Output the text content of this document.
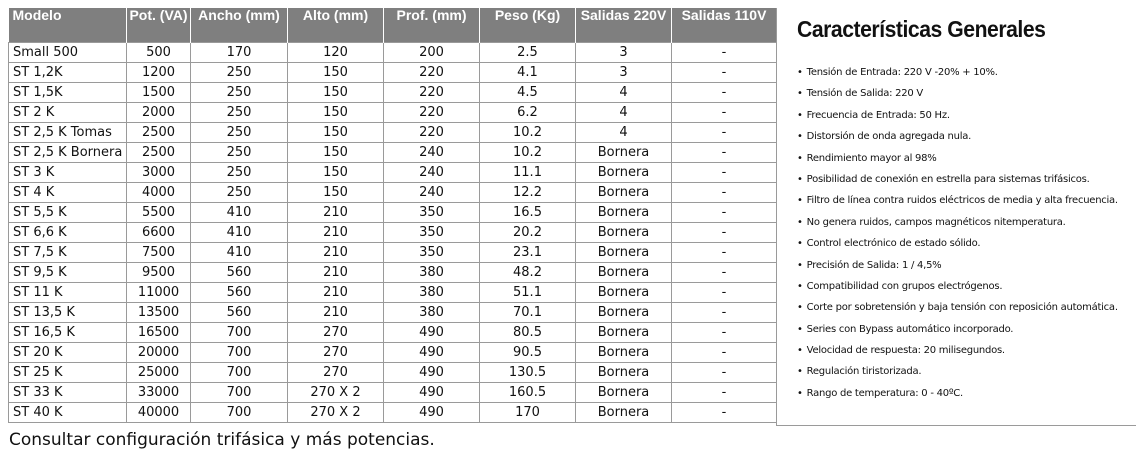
Modelo	Pot. (VA)	Ancho (mm)	Alto (mm)	Prof. (mm)	Peso (Kg)	Salidas 220V	Salidas 110V
Small 500	500	170	120	200	2.5	3	-
ST 1,2K	1200	250	150	220	4.1	3	-
ST 1,5K	1500	250	150	220	4.5	4	-
ST 2 K	2000	250	150	220	6.2	4	-
ST 2,5 K Tomas	2500	250	150	220	10.2	4	-
ST 2,5 K Bornera	2500	250	150	240	10.2	Bornera	-
ST 3 K	3000	250	150	240	11.1	Bornera	-
ST 4 K	4000	250	150	240	12.2	Bornera	-
ST 5,5 K	5500	410	210	350	16.5	Bornera	-
ST 6,6 K	6600	410	210	350	20.2	Bornera	-
ST 7,5 K	7500	410	210	350	23.1	Bornera	-
ST 9,5 K	9500	560	210	380	48.2	Bornera	-
ST 11 K	11000	560	210	380	51.1	Bornera	-
ST 13,5 K	13500	560	210	380	70.1	Bornera	-
ST 16,5 K	16500	700	270	490	80.5	Bornera	-
ST 20 K	20000	700	270	490	90.5	Bornera	-
ST 25 K	25000	700	270	490	130.5	Bornera	-
ST 33 K	33000	700	270 X 2	490	160.5	Bornera	-
ST 40 K	40000	700	270 X 2	490	170	Bornera	-
Características Generales
• Tensión de Entrada: 220 V -20% + 10%.
• Tensión de Salida: 220 V
• Frecuencia de Entrada: 50 Hz.
• Distorsión de onda agregada nula.
• Rendimiento mayor al 98%
• Posibilidad de conexión en estrella para sistemas trifásicos.
• Filtro de línea contra ruidos eléctricos de media y alta frecuencia.
• No genera ruidos, campos magnéticos nitemperatura.
• Control electrónico de estado sólido.
• Precisión de Salida: 1 / 4,5%
• Compatibilidad con grupos electrógenos.
• Corte por sobretensión y baja tensión con reposición automática.
• Series con Bypass automático incorporado.
• Velocidad de respuesta: 20 milisegundos.
• Regulación tiristorizada.
• Rango de temperatura: 0 - 40ºC.
Consultar configuración trifásica y más potencias.
